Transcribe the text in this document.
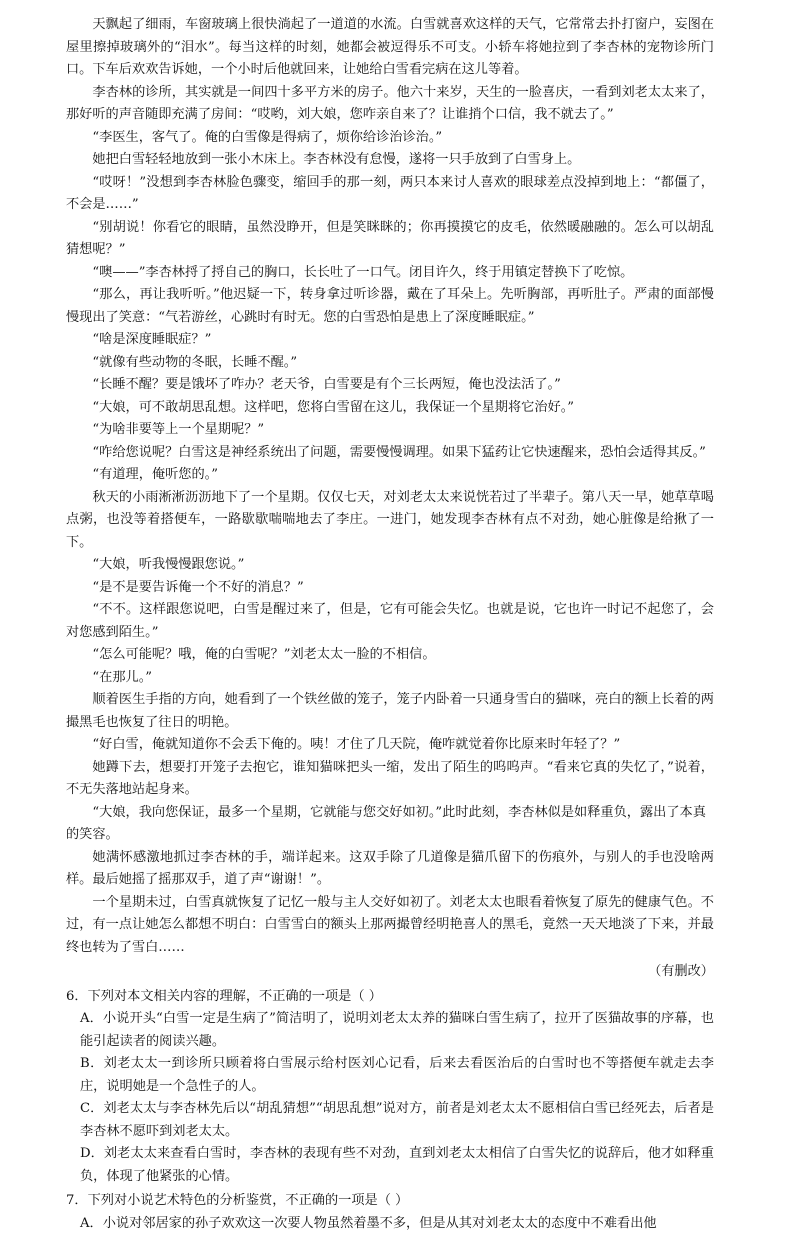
天飘起了细雨，车窗玻璃上很快淌起了一道道的水流。白雪就喜欢这样的天气，它常常去扑打窗户，妄图在屋里擦掉玻璃外的“泪水”。每当这样的时刻，她都会被逗得乐不可支。小轿车将她拉到了李杏林的宠物诊所门口。下车后欢欢告诉她，一个小时后他就回来，让她给白雪看完病在这儿等着。

李杏林的诊所，其实就是一间四十多平方米的房子。他六十来岁，天生的一脸喜庆，一看到刘老太太来了，那好听的声音随即充满了房间：“哎哟，刘大娘，您咋亲自来了？让谁捎个口信，我不就去了。”

“李医生，客气了。俺的白雪像是得病了，烦你给诊治诊治。”

她把白雪轻轻地放到一张小木床上。李杏林没有怠慢，遂将一只手放到了白雪身上。

“哎呀！”没想到李杏林脸色骤变，缩回手的那一刻，两只本来讨人喜欢的眼球差点没掉到地上：“都僵了，不会是……”

“别胡说！你看它的眼睛，虽然没睁开，但是笑眯眯的；你再摸摸它的皮毛，依然暖融融的。怎么可以胡乱猜想呢？”

“噢——”李杏林捋了捋自己的胸口，长长吐了一口气。闭目许久，终于用镇定替换下了吃惊。

“那么，再让我听听。”他迟疑一下，转身拿过听诊器，戴在了耳朵上。先听胸部，再听肚子。严肃的面部慢慢现出了笑意：“气若游丝，心跳时有时无。您的白雪恐怕是患上了深度睡眠症。”

“啥是深度睡眠症？”

“就像有些动物的冬眠，长睡不醒。”

“长睡不醒？要是饿坏了咋办？老天爷，白雪要是有个三长两短，俺也没法活了。”

“大娘，可不敢胡思乱想。这样吧，您将白雪留在这儿，我保证一个星期将它治好。”

“为啥非要等上一个星期呢？”

“咋给您说呢？白雪这是神经系统出了问题，需要慢慢调理。如果下猛药让它快速醒来，恐怕会适得其反。”

“有道理，俺听您的。”

秋天的小雨淅淅沥沥地下了一个星期。仅仅七天，对刘老太太来说恍若过了半辈子。第八天一早，她草草喝点粥，也没等着搭便车，一路歇歇喘喘地去了李庄。一进门，她发现李杏林有点不对劲，她心脏像是给揪了一下。

“大娘，听我慢慢跟您说。”

“是不是要告诉俺一个不好的消息？”

“不不。这样跟您说吧，白雪是醒过来了，但是，它有可能会失忆。也就是说，它也许一时记不起您了，会对您感到陌生。”

“怎么可能呢？哦，俺的白雪呢？”刘老太太一脸的不相信。

“在那儿。”

顺着医生手指的方向，她看到了一个铁丝做的笼子，笼子内卧着一只通身雪白的猫咪，亮白的额上长着的两撮黑毛也恢复了往日的明艳。

“好白雪，俺就知道你不会丢下俺的。咦！才住了几天院，俺咋就觉着你比原来时年轻了？”

她蹲下去，想要打开笼子去抱它，谁知猫咪把头一缩，发出了陌生的呜呜声。“看来它真的失忆了，”说着，不无失落地站起身来。

“大娘，我向您保证，最多一个星期，它就能与您交好如初。”此时此刻，李杏林似是如释重负，露出了本真

的笑容。

她满怀感激地抓过李杏林的手，端详起来。这双手除了几道像是猫爪留下的伤痕外，与别人的手也没啥两样。最后她摇了摇那双手，道了声“谢谢！”。

一个星期未过，白雪真就恢复了记忆一般与主人交好如初了。刘老太太也眼看着恢复了原先的健康气色。不过，有一点让她怎么都想不明白：白雪雪白的额头上那两撮曾经明艳喜人的黑毛，竟然一天天地淡了下来，并最终也转为了雪白……

（有删改）

6．下列对本文相关内容的理解，不正确的一项是（ ）

A．小说开头“白雪一定是生病了”简洁明了，说明刘老太太养的猫咪白雪生病了，拉开了医猫故事的序幕，也能引起读者的阅读兴趣。

B．刘老太太一到诊所只顾着将白雪展示给村医刘心记看，后来去看医治后的白雪时也不等搭便车就走去李庄，说明她是一个急性子的人。

C．刘老太太与李杏林先后以“胡乱猜想”“胡思乱想”说对方，前者是刘老太太不愿相信白雪已经死去，后者是李杏林不愿吓到刘老太太。

D．刘老太太来查看白雪时，李杏林的表现有些不对劲，直到刘老太太相信了白雪失忆的说辞后，他才如释重负，体现了他紧张的心情。

7．下列对小说艺术特色的分析鉴赏，不正确的一项是（ ）

A．小说对邻居家的孙子欢欢这一次要人物虽然着墨不多，但是从其对刘老太太的态度中不难看出他
